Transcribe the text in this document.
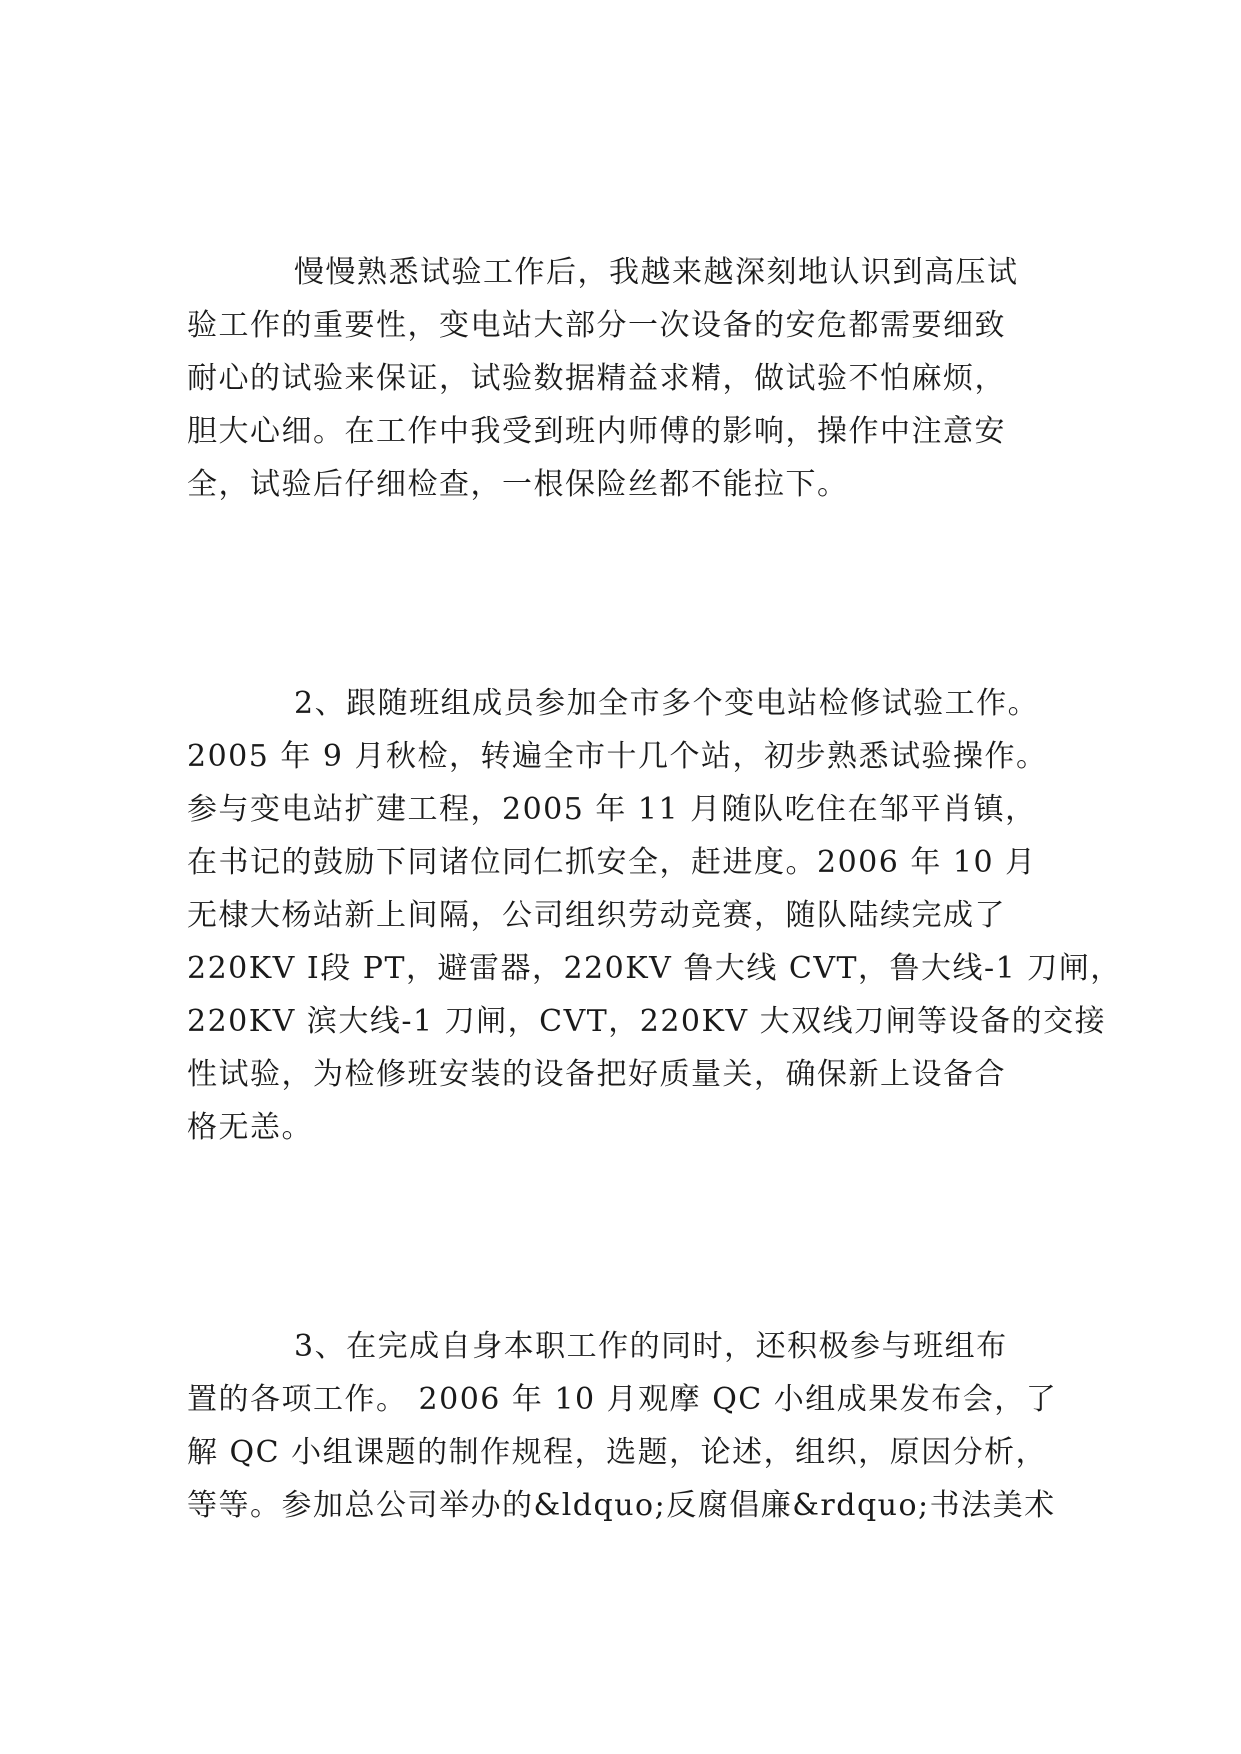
慢慢熟悉试验工作后，我越来越深刻地认识到高压试
验工作的重要性，变电站大部分一次设备的安危都需要细致
耐心的试验来保证，试验数据精益求精，做试验不怕麻烦，
胆大心细。在工作中我受到班内师傅的影响，操作中注意安
全，试验后仔细检查，一根保险丝都不能拉下。
2、跟随班组成员参加全市多个变电站检修试验工作。
2005 年 9 月秋检，转遍全市十几个站，初步熟悉试验操作。
参与变电站扩建工程，2005 年 11 月随队吃住在邹平肖镇，
在书记的鼓励下同诸位同仁抓安全，赶进度。2006 年 10 月
无棣大杨站新上间隔，公司组织劳动竞赛，随队陆续完成了
220KV Ⅰ段 PT，避雷器，220KV 鲁大线 CVT，鲁大线-1 刀闸，
220KV 滨大线-1 刀闸，CVT，220KV 大双线刀闸等设备的交接
性试验，为检修班安装的设备把好质量关，确保新上设备合
格无恙。
3、在完成自身本职工作的同时，还积极参与班组布
置的各项工作。 2006 年 10 月观摩 QC 小组成果发布会，了
解 QC 小组课题的制作规程，选题，论述，组织，原因分析，
等等。参加总公司举办的&ldquo;反腐倡廉&rdquo;书法美术
